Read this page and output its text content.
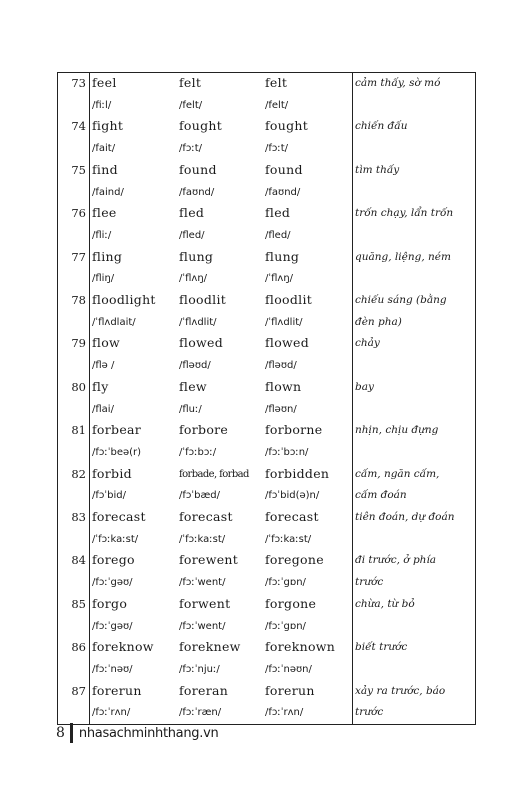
73	feel	felt	felt	cảm thấy, sờ mó
	/fiːl/	/felt/	/felt/	
74	fight	fought	fought	chiến đấu
	/fait/	/fɔːt/	/fɔːt/	
75	find	found	found	tìm thấy
	/faind/	/faʊnd/	/faʊnd/	
76	flee	fled	fled	trốn chạy, lẩn trốn
	/fliː/	/fled/	/fled/	
77	fling	flung	flung	quăng, liệng, ném
	/fliŋ/	/ˈflʌŋ/	/ˈflʌŋ/	
78	floodlight	floodlit	floodlit	chiếu sáng (bằng
	/ˈflʌdlait/	/ˈflʌdlit/	/ˈflʌdlit/	đèn pha)
79	flow	flowed	flowed	chảy
	/flə /	/fləʊd/	/fləʊd/	
80	fly	flew	flown	bay
	/flai/	/fluː/	/fləʊn/	
81	forbear	forbore	forborne	nhịn, chịu đựng
	/fɔːˈbeə(r)	/ˈfɔːbɔː/	/fɔːˈbɔːn/	
82	forbid	forbade, forbad	forbidden	cấm, ngăn cấm,
	/fɔˈbid/	/fɔˈbæd/	/fɔˈbid(ə)n/	cấm đoán
83	forecast	forecast	forecast	tiên đoán, dự đoán
	/ˈfɔːkaːst/	/ˈfɔːkaːst/	/ˈfɔːkaːst/	
84	forego	forewent	foregone	đi trước, ở phía
	/fɔːˈgəʊ/	/fɔːˈwent/	/fɔːˈgɒn/	trước
85	forgo	forwent	forgone	chừa, từ bỏ
	/fɔːˈgəʊ/	/fɔːˈwent/	/fɔːˈgɒn/	
86	foreknow	foreknew	foreknown	biết trước
	/fɔːˈnəʊ/	/fɔːˈnjuː/	/fɔːˈnəʊn/	
87	forerun	foreran	forerun	xảy ra trước, báo
	/fɔːˈrʌn/	/fɔːˈræn/	/fɔːˈrʌn/	trước
8 nhasachminhthang.vn
